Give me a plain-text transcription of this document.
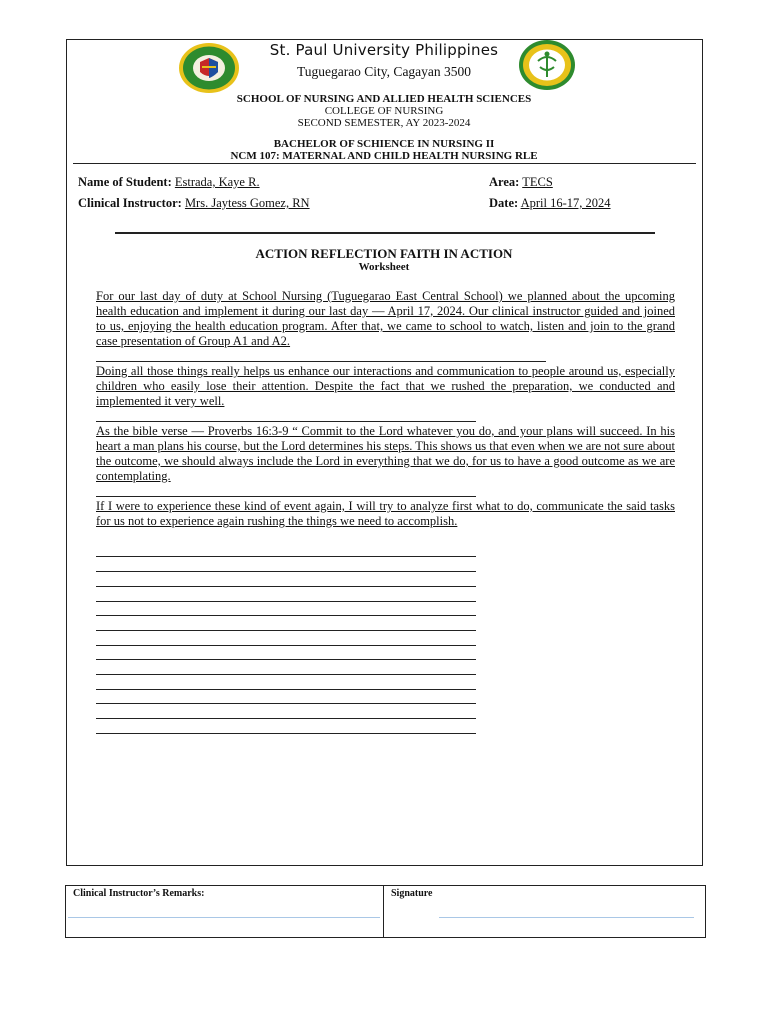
St. Paul University Philippines
Tuguegarao City, Cagayan 3500
SCHOOL OF NURSING AND ALLIED HEALTH SCIENCES
COLLEGE OF NURSING
SECOND SEMESTER, AY 2023-2024
BACHELOR OF SCHIENCE IN NURSING II
NCM 107: MATERNAL AND CHILD HEALTH NURSING RLE
Name of Student: Estrada, Kaye R.	Area: TECS
Clinical Instructor: Mrs. Jaytess Gomez, RN	Date: April 16-17, 2024
ACTION REFLECTION FAITH IN ACTION
Worksheet

For our last day of duty at School Nursing (Tuguegarao East Central School) we planned about the upcoming health education and implement it during our last day — April 17, 2024. Our clinical instructor guided and joined to us, enjoying the health education program. After that, we came to school to watch, listen and join to the grand case presentation of Group A1 and A2.

Doing all those things really helps us enhance our interactions and communication to people around us, especially children who easily lose their attention. Despite the fact that we rushed the preparation, we conducted and implemented it very well.

As the bible verse — Proverbs 16:3-9 “ Commit to the Lord whatever you do, and your plans will succeed. In his heart a man plans his course, but the Lord determines his steps. This shows us that even when we are not sure about the outcome, we should always include the Lord in everything that we do, for us to have a good outcome as we are contemplating.

If I were to experience these kind of event again, I will try to analyze first what to do, communicate the said tasks for us not to experience again rushing the things we need to accomplish.

Clinical Instructor’s Remarks:	Signature
